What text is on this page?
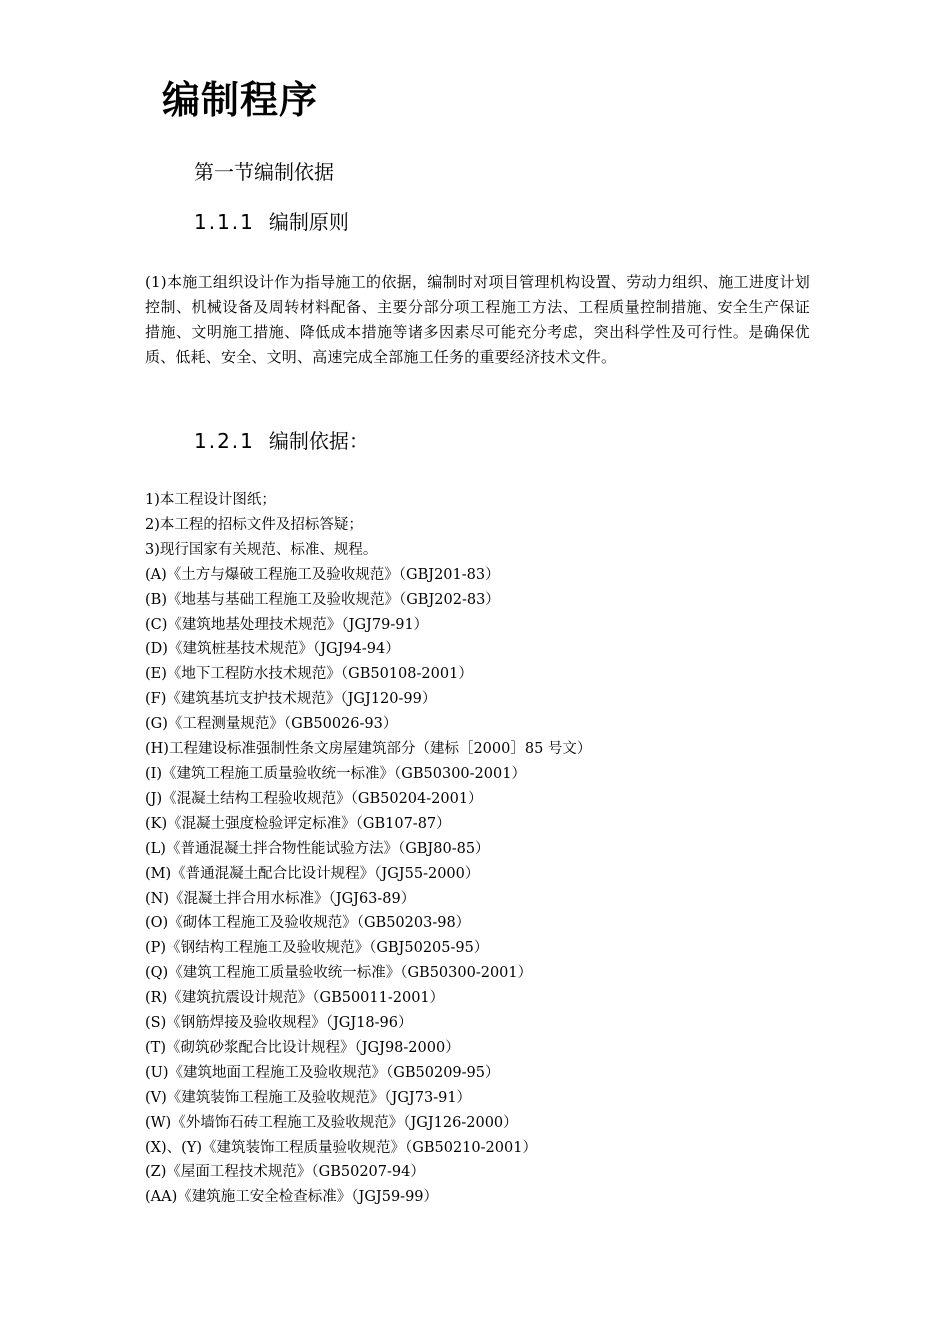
编制程序
第一节编制依据
1.1.1 编制原则

(1)本施工组织设计作为指导施工的依据，编制时对项目管理机构设置、劳动力组织、施工进度计划控制、机械设备及周转材料配备、主要分部分项工程施工方法、工程质量控制措施、安全生产保证措施、文明施工措施、降低成本措施等诸多因素尽可能充分考虑，突出科学性及可行性。是确保优质、低耗、安全、文明、高速完成全部施工任务的重要经济技术文件。

1.2.1 编制依据：
1)本工程设计图纸；
2)本工程的招标文件及招标答疑；
3)现行国家有关规范、标准、规程。
(A)《土方与爆破工程施工及验收规范》（GBJ201-83）
(B)《地基与基础工程施工及验收规范》（GBJ202-83）
(C)《建筑地基处理技术规范》（JGJ79-91）
(D)《建筑桩基技术规范》（JGJ94-94）
(E)《地下工程防水技术规范》（GB50108-2001）
(F)《建筑基坑支护技术规范》（JGJ120-99）
(G)《工程测量规范》（GB50026-93）
(H)工程建设标准强制性条文房屋建筑部分（建标［2000］85 号文）
(I)《建筑工程施工质量验收统一标准》（GB50300-2001）
(J)《混凝土结构工程验收规范》（GB50204-2001）
(K)《混凝土强度检验评定标准》（GB107-87）
(L)《普通混凝土拌合物性能试验方法》（GBJ80-85）
(M)《普通混凝土配合比设计规程》（JGJ55-2000）
(N)《混凝土拌合用水标准》（JGJ63-89）
(O)《砌体工程施工及验收规范》（GB50203-98）
(P)《钢结构工程施工及验收规范》（GBJ50205-95）
(Q)《建筑工程施工质量验收统一标准》（GB50300-2001）
(R)《建筑抗震设计规范》（GB50011-2001）
(S)《钢筋焊接及验收规程》（JGJ18-96）
(T)《砌筑砂浆配合比设计规程》（JGJ98-2000）
(U)《建筑地面工程施工及验收规范》（GB50209-95）
(V)《建筑装饰工程施工及验收规范》（JGJ73-91）
(W)《外墙饰石砖工程施工及验收规范》（JGJ126-2000）
(X)、(Y)《建筑装饰工程质量验收规范》（GB50210-2001）
(Z)《屋面工程技术规范》（GB50207-94）
(AA)《建筑施工安全检查标准》（JGJ59-99）
